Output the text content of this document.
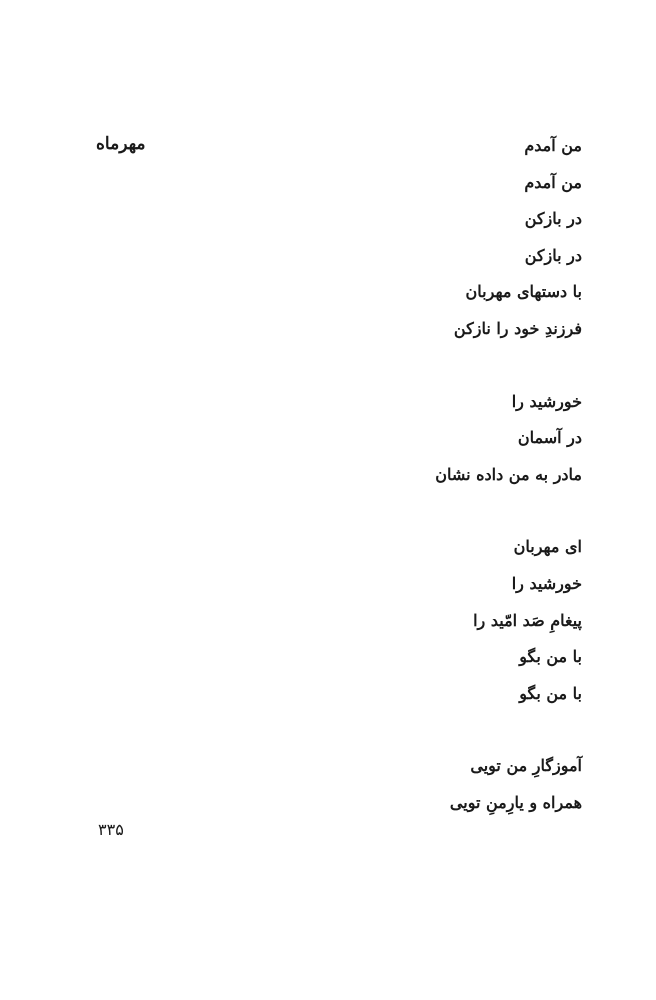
مهرماه	من آمدم
من آمدم
در بازکن
در بازکن
با دستهای مهربان
فرزندِ خود را نازکن
خورشید را
در آسمان
مادر به من داده نشان
ای مهربان
خورشید را
پیغامِ صَد امّید را
با من بگو
با من بگو
آموزگارِ من تویی
همراه و یارِمنِ تویی
۳۳۵
